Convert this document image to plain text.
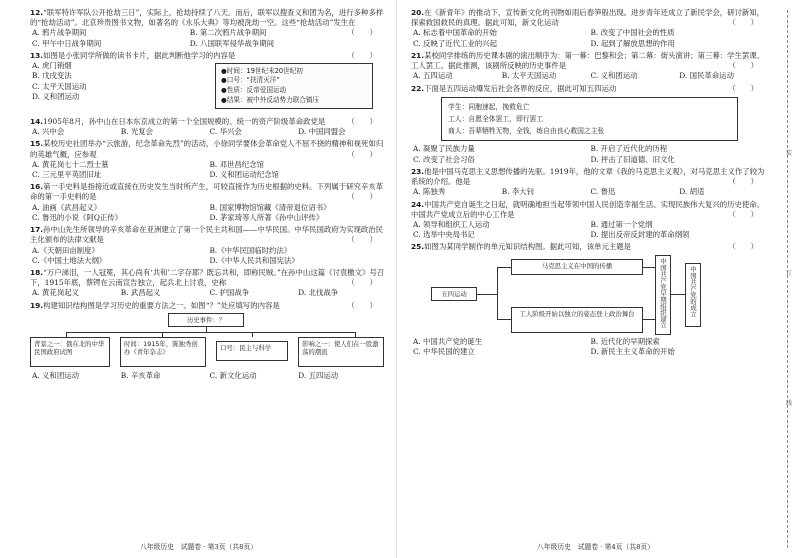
12.“联军特许军队公开抢劫三日”，实际上，抢劫持续了八天。而后，联军以搜查义和团为名，进行多种多样的“抢劫活动”。北京珍贵图书文物，如著名的《永乐大典》等均被洗劫一空。这些“抢劫活动”发生在
（　　）
A. 鸦片战争期间	B. 第二次鸦片战争期间
C. 甲午中日战争期间	D. 八国联军侵华战争期间
13.如图是小张同学所做的读书卡片，据此判断他学习的内容是	（　　）
●时间：19世纪末20世纪初
●口号：“扶清灭洋”
●性质：反帝爱国运动
●结果：被中外反动势力联合镇压
A. 虎门销烟
B. 戊戌变法
C. 太平天国运动
D. 义和团运动
14.1905年8月，孙中山在日本东京成立的第一个全国规模的、统一的资产阶级革命政党是	（　　）
A. 兴中会	B. 光复会	C. 华兴会	D. 中国同盟会
15.某校历史社团举办“云旅游，纪念革命先烈”的活动，小徐同学要体会革命党人不屈不挠的精神和视死如归的英雄气概，应参观	（　　）
A. 黄花岗七十二烈士墓	B. 邓世昌纪念馆
C. 三元里平英团旧址	D. 义和团运动纪念馆
16.第一手史料是指接近或直接在历史发生当时所产生，可较直接作为历史根据的史料。下列属于研究辛亥革命的第一手史料的是	（　　）
A. 油画《武昌起义》	B. 国家博物馆馆藏《清帝退位诏书》
C. 鲁迅的小说《阿Q正传》	D. 茅家琦等人所著《孙中山评传》
17.孙中山先生所领导的辛亥革命在亚洲建立了第一个民主共和国——中华民国。中华民国政府为实现政治民主化颁布的法律文献是	（　　）
A.《天朝田亩制度》	B.《中华民国临时约法》
C.《中国土地法大纲》	D.《中华人民共和国宪法》
18.“万户涕泪，一人冠冕，其心尚有‘共和’二字存耶？既忘共和，即称民贼。”在孙中山这篇《讨袁檄文》号召下，1915年底，蔡锷在云南宣告独立，起兵北上讨袁，史称	（　　）
A. 黄花岗起义	B. 武昌起义	C. 护国战争	D. 北伐战争
19.构建知识结构图是学习历史的重要方法之一。如图“？”处应填写的内容是	（　　）
历史事件：？
背景之一：俄在北的中华民国政府试图
时间：1915年，陈独秀创办《青年杂志》
口号：民主与科学	影响之一：使人们在一股激荡的潮流
A. 义和团运动	B. 辛亥革命	C. 新文化运动	D. 五四运动
八年级历史　试题卷 · 第3页（共8页）
20.在《新青年》的推动下，宣传新文化的刊物如雨后春笋般出现。进步青年还成立了新民学会，研讨新知，探索救国救民的真理。据此可知，新文化运动	（　　）
A. 标志着中国革命的开始	B. 改变了中国社会的性质
C. 反映了近代工业的兴起	D. 起到了解放思想的作用
21.某校同学排练的历史课本剧的演出顺序为：第一幕：巴黎和会；第二幕：街头演讲；第三幕：学生罢课、工人罢工。据此推测，该剧所反映的历史事件是	（　　）
A. 五四运动	B. 太平天国运动	C. 义和团运动	D. 国民革命运动
22.下面是五四运动爆发后社会各界的反应，据此可知五四运动	（　　）
学生：同胞速起，挽救危亡
工人：自愿全体罢工，即行罢工
商人：吾辈牺牲无物，全钱，练自由良心救国之主张
A. 凝聚了民族力量	B. 开启了近代化的历程
C. 改变了社会习俗	D. 抨击了旧道德、旧文化
23.他是中国马克思主义思想传播的先驱。1919年，他的文章《我的马克思主义观》，对马克思主义作了较为系统的介绍。他是	（　　）
A. 陈独秀	B. 李大钊	C. 鲁迅	D. 胡适
24.中国共产党自诞生之日起，就明确地担当起带领中国人民创造幸福生活、实现民族伟大复兴的历史使命。中国共产党成立后的中心工作是	（　　）
A. 领导和组织工人运动	B. 通过第一个党纲
C. 选举中央局书记	D. 提出反帝反封建的革命纲领
25.如图为某同学制作的单元知识结构图。据此可知，该单元主题是	（　　）
五四运动
马克思主义在中国的传播
工人阶级开始以独立的姿态登上政治舞台	中国共产党早期组织建立	中国共产党的成立
A. 中国共产党的诞生	B. 近代化的早期探索
C. 中华民国的建立	D. 新民主主义革命的开始
装
订
线
八年级历史　试题卷 · 第4页（共8页）
